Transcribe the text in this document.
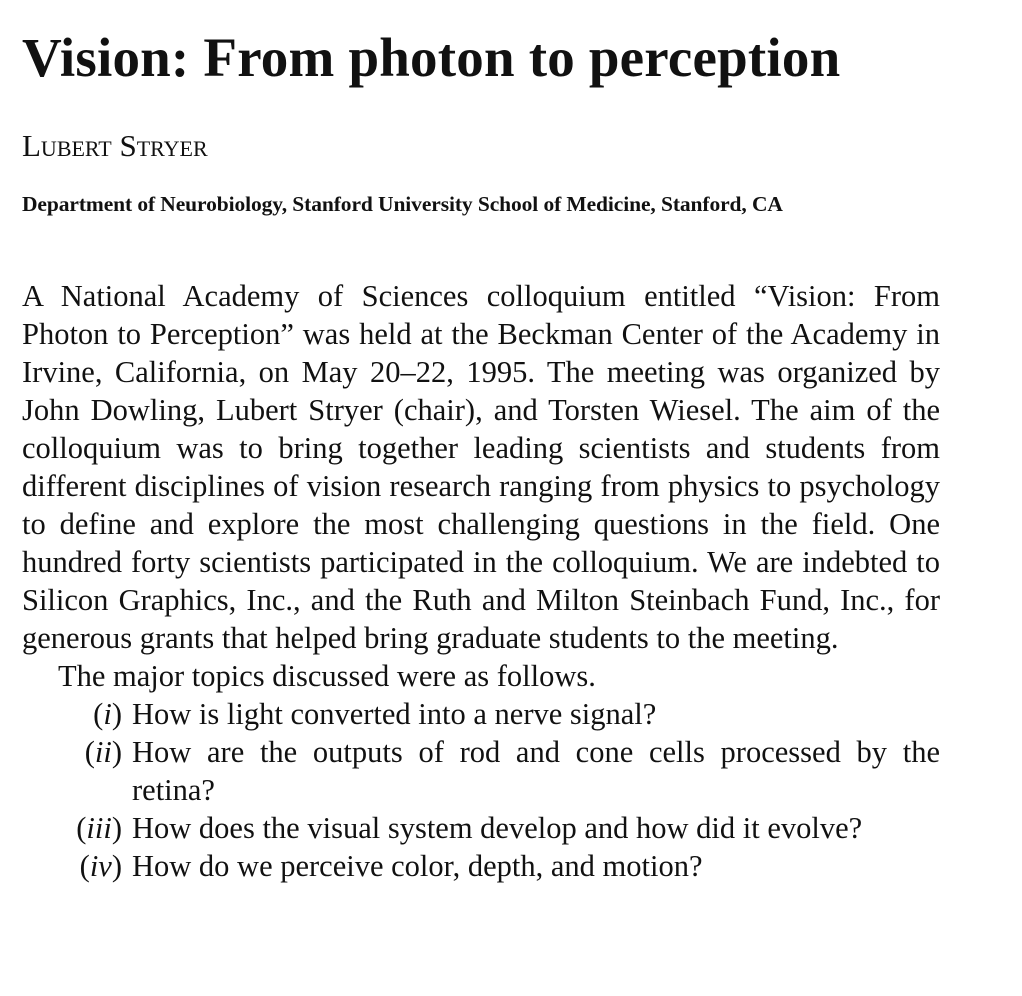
Vision: From photon to perception
Lubert Stryer
Department of Neurobiology, Stanford University School of Medicine, Stanford, CA

A National Academy of Sciences colloquium entitled “Vision: From Photon to Perception” was held at the Beckman Center of the Academy in Irvine, California, on May 20–22, 1995. The meeting was organized by John Dowling, Lubert Stryer (chair), and Torsten Wiesel. The aim of the colloquium was to bring together leading scientists and students from different disciplines of vision research ranging from physics to psychology to define and explore the most challenging questions in the field. One hundred forty scientists participated in the colloquium. We are indebted to Silicon Graphics, Inc., and the Ruth and Milton Steinbach Fund, Inc., for generous grants that helped bring graduate students to the meeting.

The major topics discussed were as follows.

(i) How is light converted into a nerve signal?
(ii) How are the outputs of rod and cone cells processed by the retina?
(iii) How does the visual system develop and how did it evolve?
(iv) How do we perceive color, depth, and motion?
